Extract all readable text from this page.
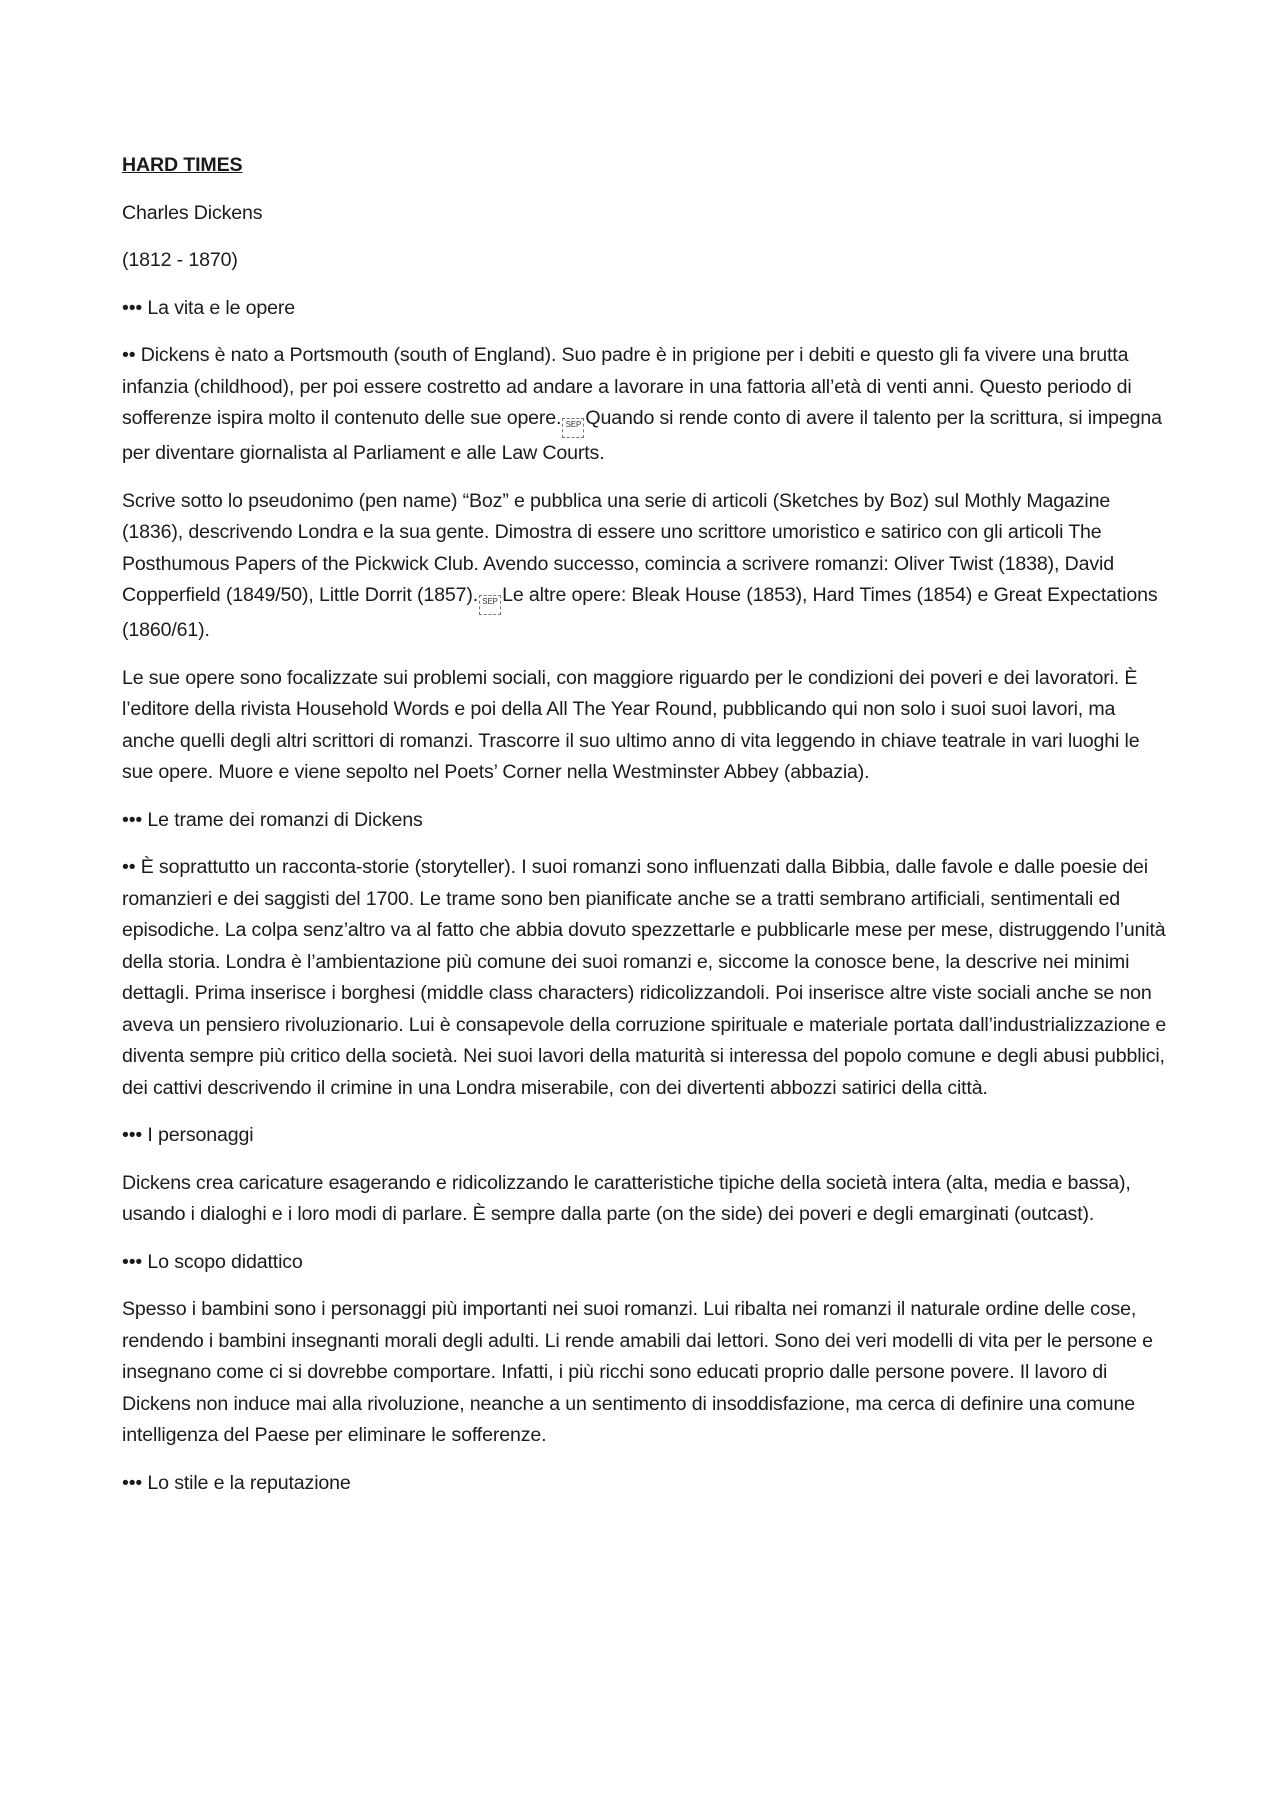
HARD TIMES

Charles Dickens

(1812 - 1870)

••• La vita e le opere

•• Dickens è nato a Portsmouth (south of England). Suo padre è in prigione per i debiti e questo gli fa vivere una brutta infanzia (childhood), per poi essere costretto ad andare a lavorare in una fattoria all’età di venti anni. Questo periodo di sofferenze ispira molto il contenuto delle sue opere. SEP Quando si rende conto di avere il talento per la scrittura, si impegna per diventare giornalista al Parliament e alle Law Courts.

Scrive sotto lo pseudonimo (pen name) “Boz” e pubblica una serie di articoli (Sketches by Boz) sul Mothly Magazine (1836), descrivendo Londra e la sua gente. Dimostra di essere uno scrittore umoristico e satirico con gli articoli The Posthumous Papers of the Pickwick Club. Avendo successo, comincia a scrivere romanzi: Oliver Twist (1838), David Copperfield (1849/50), Little Dorrit (1857). SEP Le altre opere: Bleak House (1853), Hard Times (1854) e Great Expectations (1860/61).

Le sue opere sono focalizzate sui problemi sociali, con maggiore riguardo per le condizioni dei poveri e dei lavoratori. È l’editore della rivista Household Words e poi della All The Year Round, pubblicando qui non solo i suoi suoi lavori, ma anche quelli degli altri scrittori di romanzi. Trascorre il suo ultimo anno di vita leggendo in chiave teatrale in vari luoghi le sue opere. Muore e viene sepolto nel Poets’ Corner nella Westminster Abbey (abbazia).

••• Le trame dei romanzi di Dickens

•• È soprattutto un racconta-storie (storyteller). I suoi romanzi sono influenzati dalla Bibbia, dalle favole e dalle poesie dei romanzieri e dei saggisti del 1700. Le trame sono ben pianificate anche se a tratti sembrano artificiali, sentimentali ed episodiche. La colpa senz’altro va al fatto che abbia dovuto spezzettarle e pubblicarle mese per mese, distruggendo l’unità della storia. Londra è l’ambientazione più comune dei suoi romanzi e, siccome la conosce bene, la descrive nei minimi dettagli. Prima inserisce i borghesi (middle class characters) ridicolizzandoli. Poi inserisce altre viste sociali anche se non aveva un pensiero rivoluzionario. Lui è consapevole della corruzione spirituale e materiale portata dall’industrializzazione e diventa sempre più critico della società. Nei suoi lavori della maturità si interessa del popolo comune e degli abusi pubblici, dei cattivi descrivendo il crimine in una Londra miserabile, con dei divertenti abbozzi satirici della città.

••• I personaggi

Dickens crea caricature esagerando e ridicolizzando le caratteristiche tipiche della società intera (alta, media e bassa), usando i dialoghi e i loro modi di parlare. È sempre dalla parte (on the side) dei poveri e degli emarginati (outcast).

••• Lo scopo didattico

Spesso i bambini sono i personaggi più importanti nei suoi romanzi. Lui ribalta nei romanzi il naturale ordine delle cose, rendendo i bambini insegnanti morali degli adulti. Li rende amabili dai lettori. Sono dei veri modelli di vita per le persone e insegnano come ci si dovrebbe comportare. Infatti, i più ricchi sono educati proprio dalle persone povere. Il lavoro di Dickens non induce mai alla rivoluzione, neanche a un sentimento di insoddisfazione, ma cerca di definire una comune intelligenza del Paese per eliminare le sofferenze.

••• Lo stile e la reputazione
